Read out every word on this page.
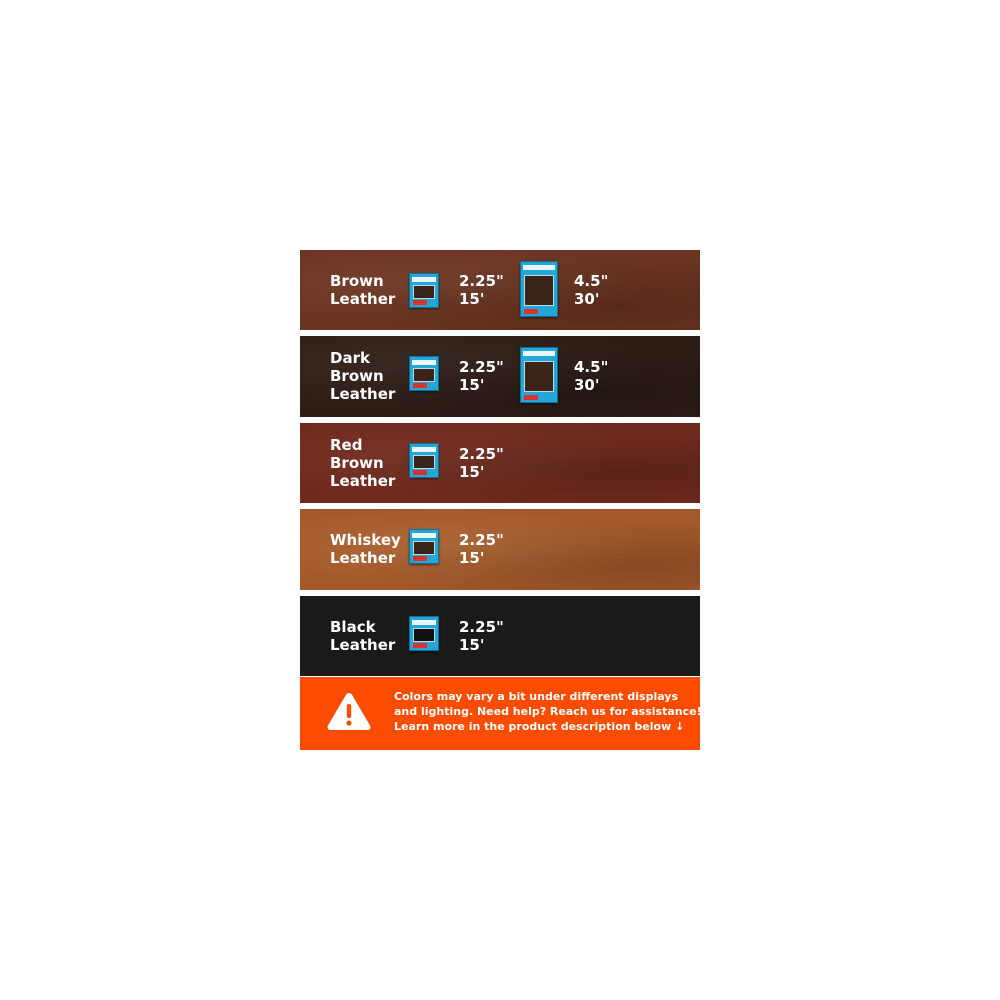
Brown
Leather
2.25"
15'
4.5"
30'
Dark
Brown
Leather
2.25"
15'
4.5"
30'
Red
Brown
Leather
2.25"
15'
Whiskey
Leather
2.25"
15'
Black
Leather
2.25"
15'
Colors may vary a bit under different displays
and lighting. Need help? Reach us for assistance!
Learn more in the product description below ↓
